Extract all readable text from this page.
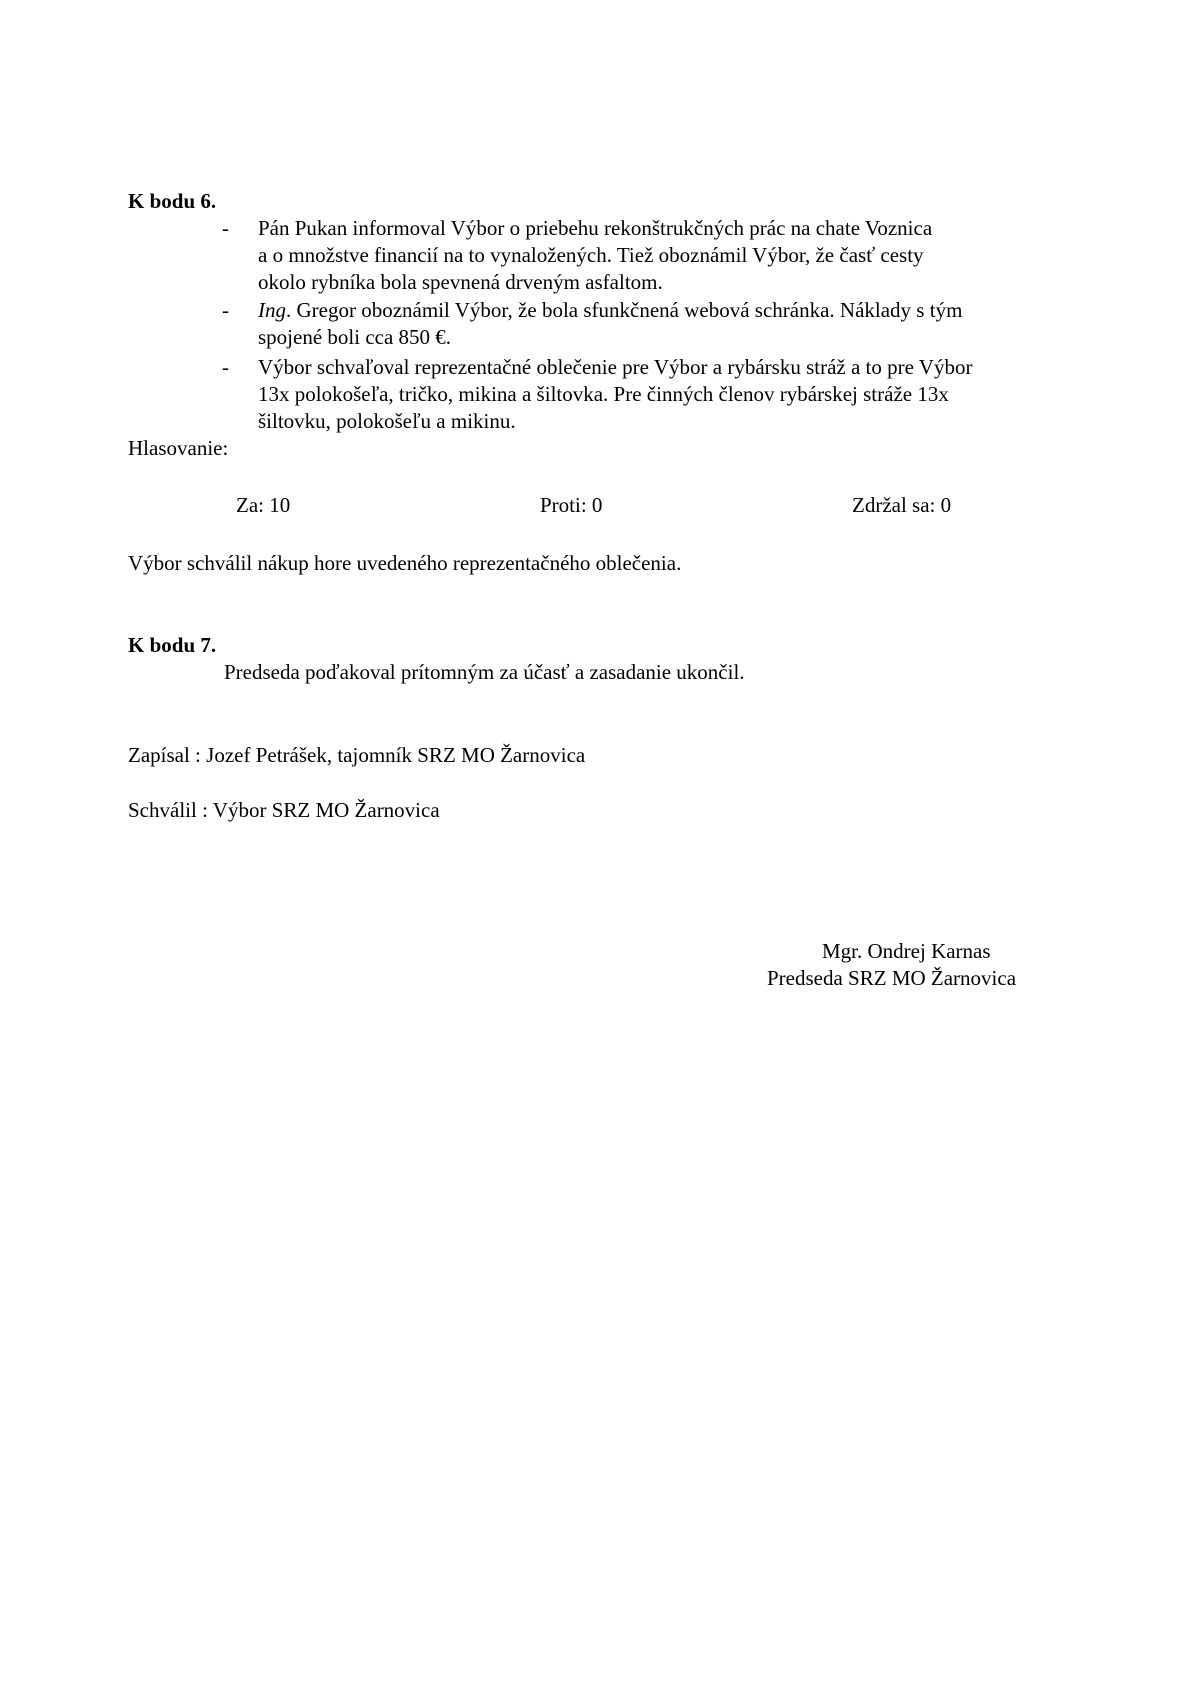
K bodu 6.
- Pán Pukan informoval Výbor o priebehu rekonštrukčných prác na chate Voznica
a o množstve financií na to vynaložených. Tiež oboznámil Výbor, že časť cesty
okolo rybníka bola spevnená drveným asfaltom.
- Ing. Gregor oboznámil Výbor, že bola sfunkčnená webová schránka. Náklady s tým
spojené boli cca 850 €.
- Výbor schvaľoval reprezentačné oblečenie pre Výbor a rybársku stráž a to pre Výbor
13x polokošeľa, tričko, mikina a šiltovka. Pre činných členov rybárskej stráže 13x
šiltovku, polokošeľu a mikinu.
Hlasovanie:
Za: 10	Proti: 0	Zdržal sa: 0
Výbor schválil nákup hore uvedeného reprezentačného oblečenia.
K bodu 7.
Predseda poďakoval prítomným za účasť a zasadanie ukončil.
Zapísal : Jozef Petrášek, tajomník SRZ MO Žarnovica
Schválil : Výbor SRZ MO Žarnovica
Mgr. Ondrej Karnas
Predseda SRZ MO Žarnovica
